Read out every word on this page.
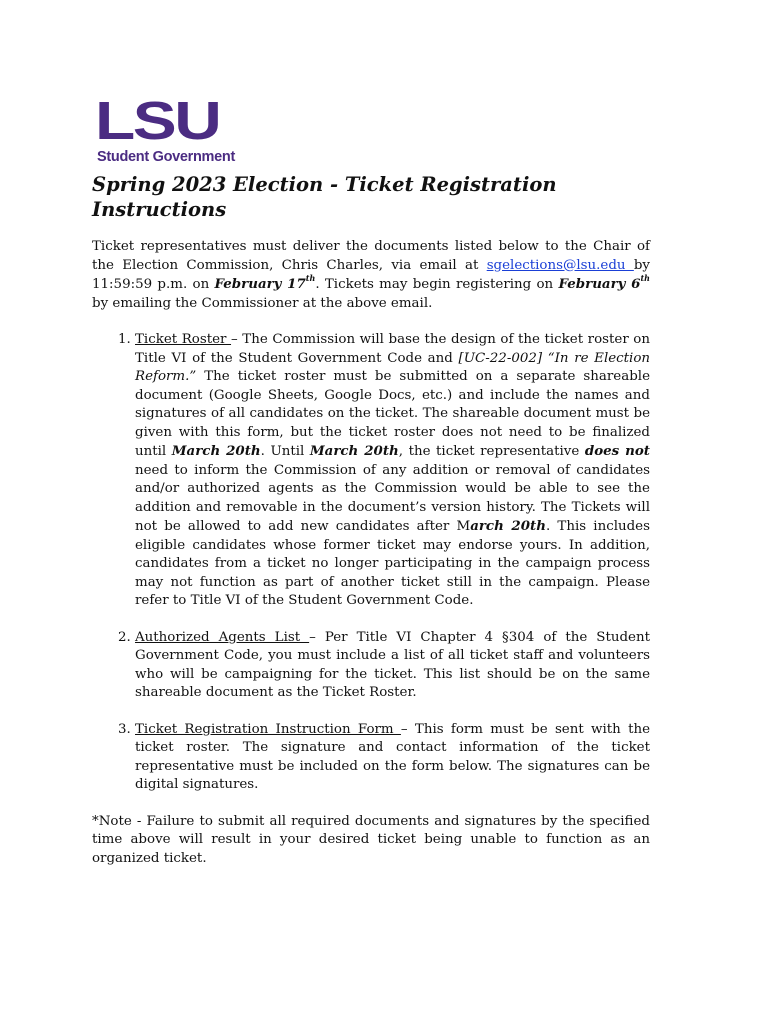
LSU
Student Government
Spring 2023 Election - Ticket Registration
Instructions

Ticket representatives must deliver the documents listed below to the Chair of the Election Commission, Chris Charles, via email at sgelections@lsu.edu by 11:59:59 p.m. on February 17th. Tickets may begin registering on February 6th by emailing the Commissioner at the above email.

1. Ticket Roster – The Commission will base the design of the ticket roster on Title VI of the Student Government Code and [UC-22-002] “In re Election Reform.” The ticket roster must be submitted on a separate shareable document (Google Sheets, Google Docs, etc.) and include the names and signatures of all candidates on the ticket. The shareable document must be given with this form, but the ticket roster does not need to be finalized until March 20th. Until March 20th, the ticket representative does not need to inform the Commission of any addition or removal of candidates and/or authorized agents as the Commission would be able to see the addition and removable in the document’s version history. The Tickets will not be allowed to add new candidates after March 20th. This includes eligible candidates whose former ticket may endorse yours. In addition, candidates from a ticket no longer participating in the campaign process may not function as part of another ticket still in the campaign. Please refer to Title VI of the Student Government Code.
2. Authorized Agents List – Per Title VI Chapter 4 §304 of the Student Government Code, you must include a list of all ticket staff and volunteers who will be campaigning for the ticket. This list should be on the same shareable document as the Ticket Roster.
3. Ticket Registration Instruction Form – This form must be sent with the ticket roster. The signature and contact information of the ticket representative must be included on the form below. The signatures can be digital signatures.

*Note - Failure to submit all required documents and signatures by the specified time above will result in your desired ticket being unable to function as an organized ticket.
